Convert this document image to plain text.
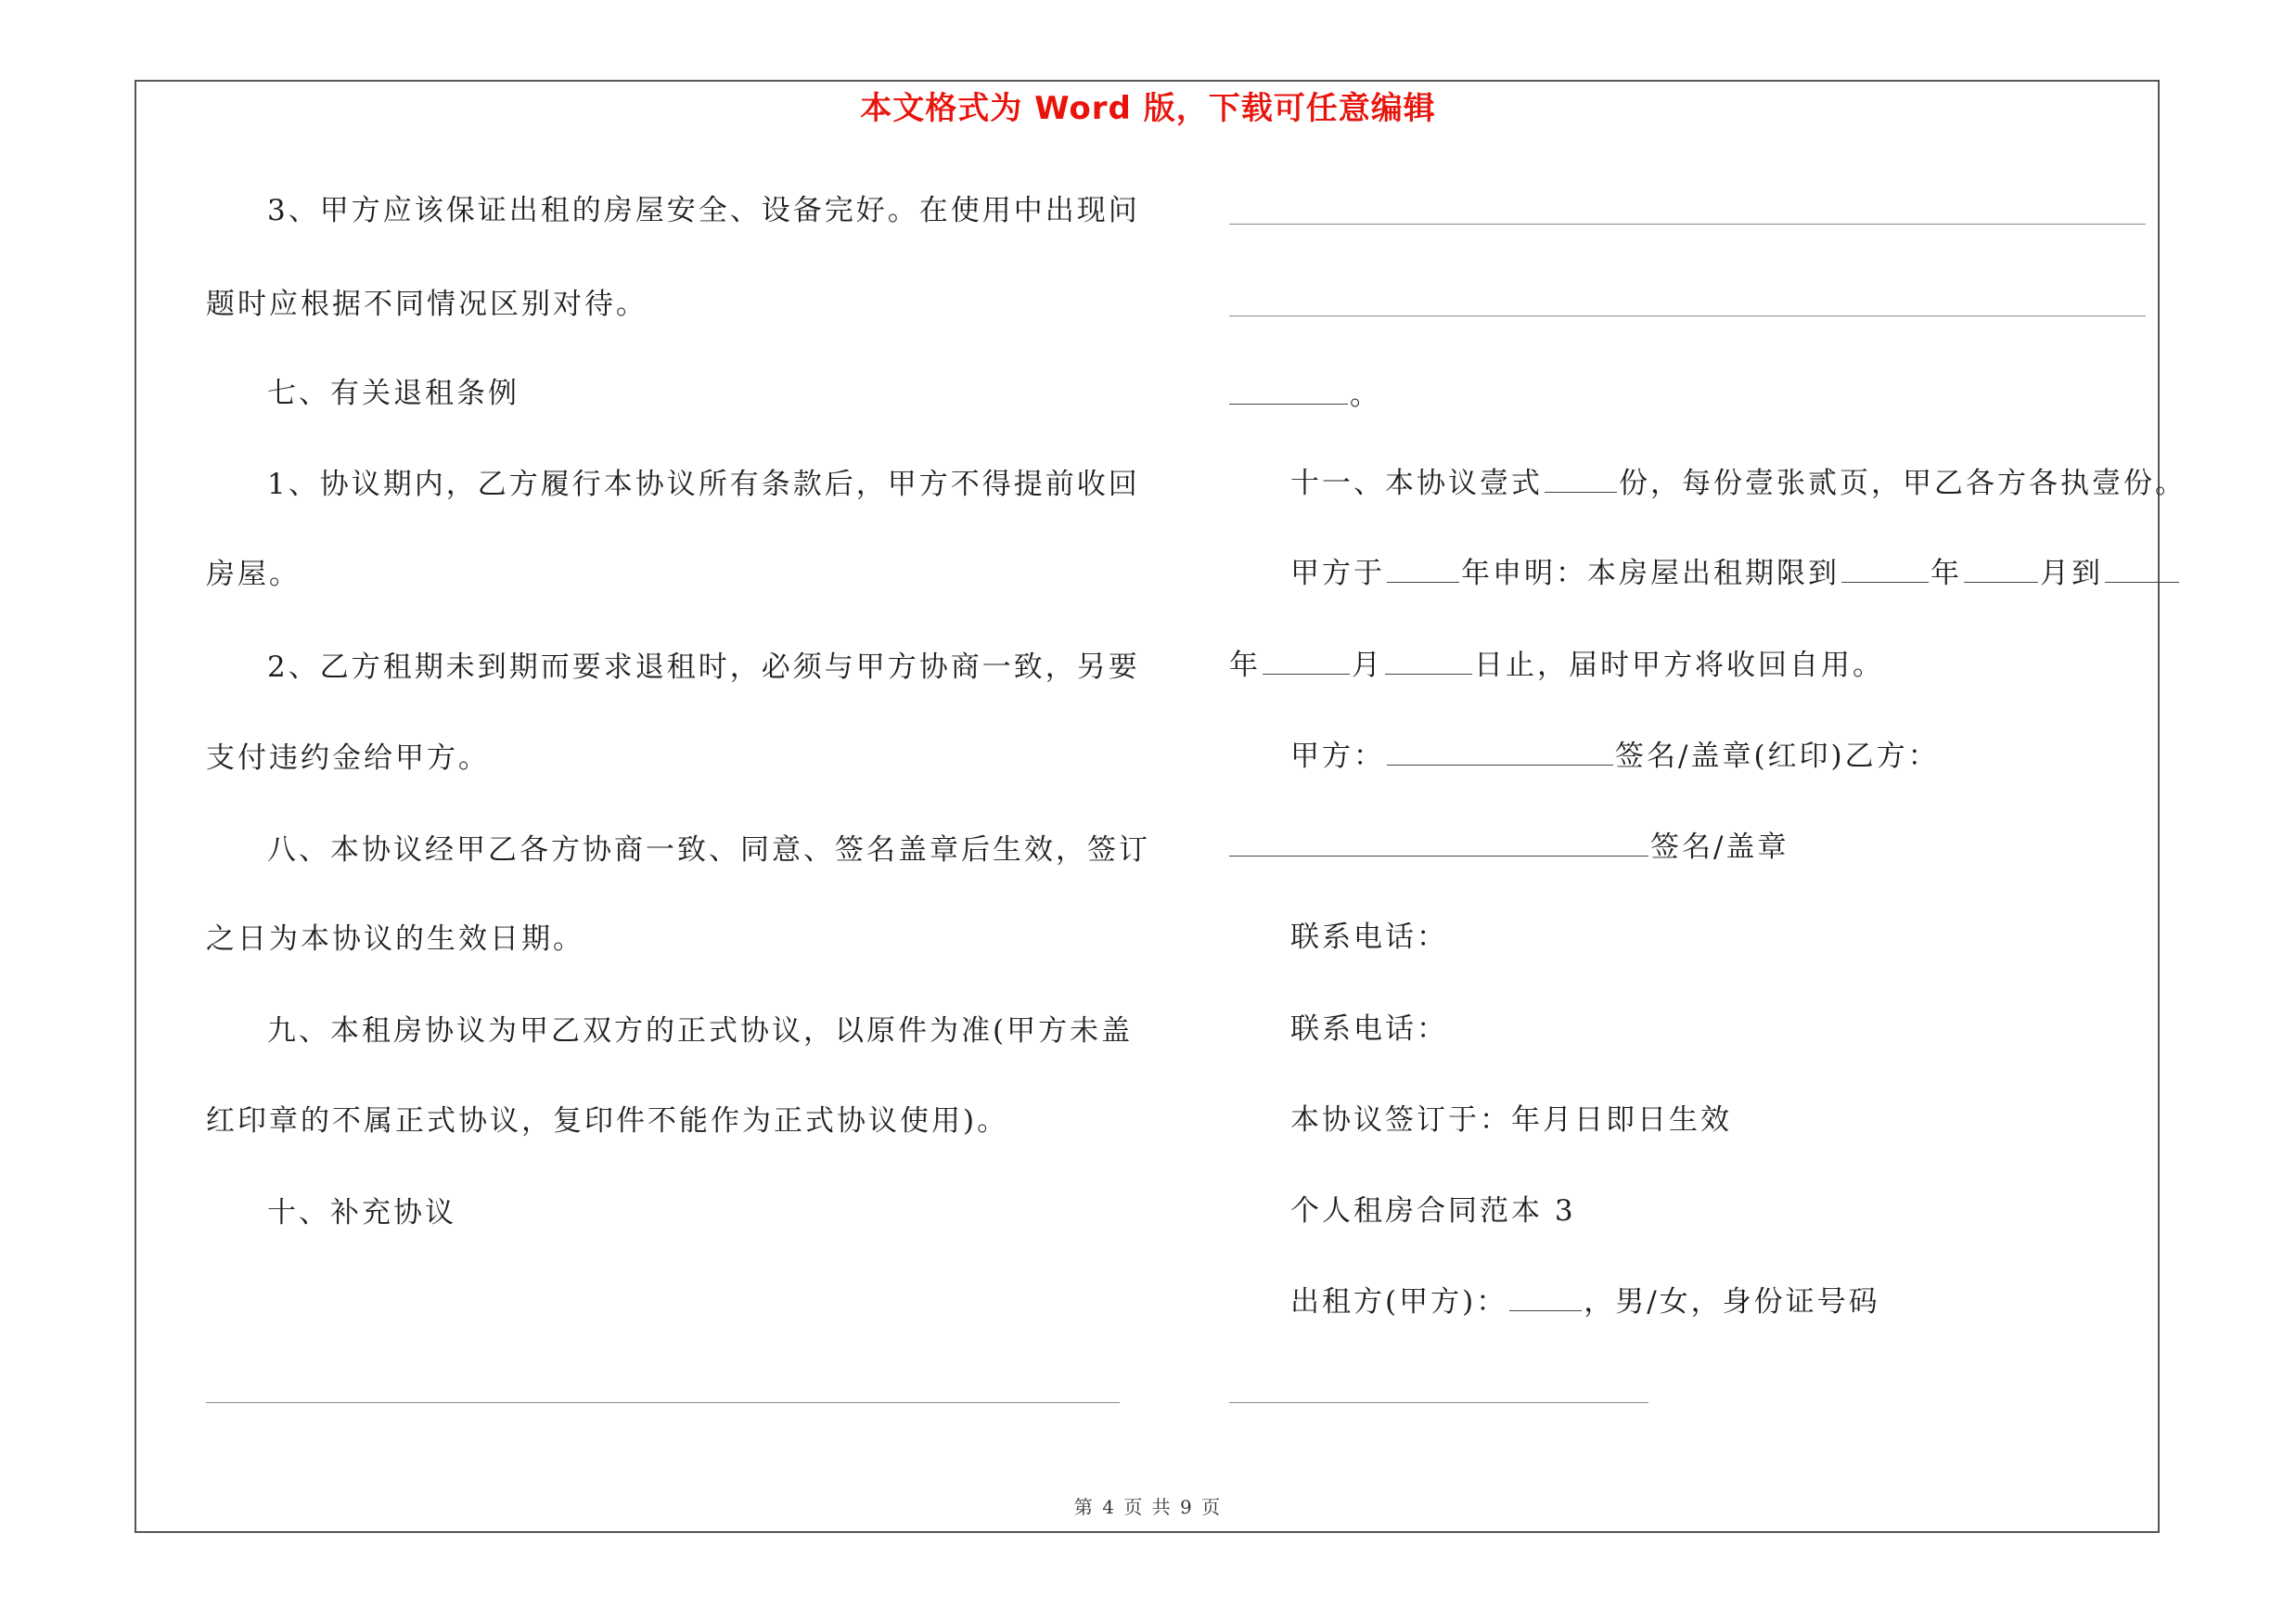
本文格式为 Word 版，下载可任意编辑
3、甲方应该保证出租的房屋安全、设备完好。在使用中出现问
题时应根据不同情况区别对待。
七、有关退租条例
1、协议期内，乙方履行本协议所有条款后，甲方不得提前收回
房屋。
2、乙方租期未到期而要求退租时，必须与甲方协商一致，另要
支付违约金给甲方。
八、本协议经甲乙各方协商一致、同意、签名盖章后生效，签订
之日为本协议的生效日期。
九、本租房协议为甲乙双方的正式协议，以原件为准(甲方未盖
红印章的不属正式协议，复印件不能作为正式协议使用)。
十、补充协议
。
十一、本协议壹式	份，每份壹张贰页，甲乙各方各执壹份。
甲方于	年申明：本房屋出租期限到	年	月到
年	月	日止，届时甲方将收回自用。
甲方：	签名/盖章(红印)乙方：
签名/盖章
联系电话：
联系电话：
本协议签订于：年月日即日生效
个人租房合同范本 3
出租方(甲方)：	，男/女，身份证号码
第 4 页 共 9 页
